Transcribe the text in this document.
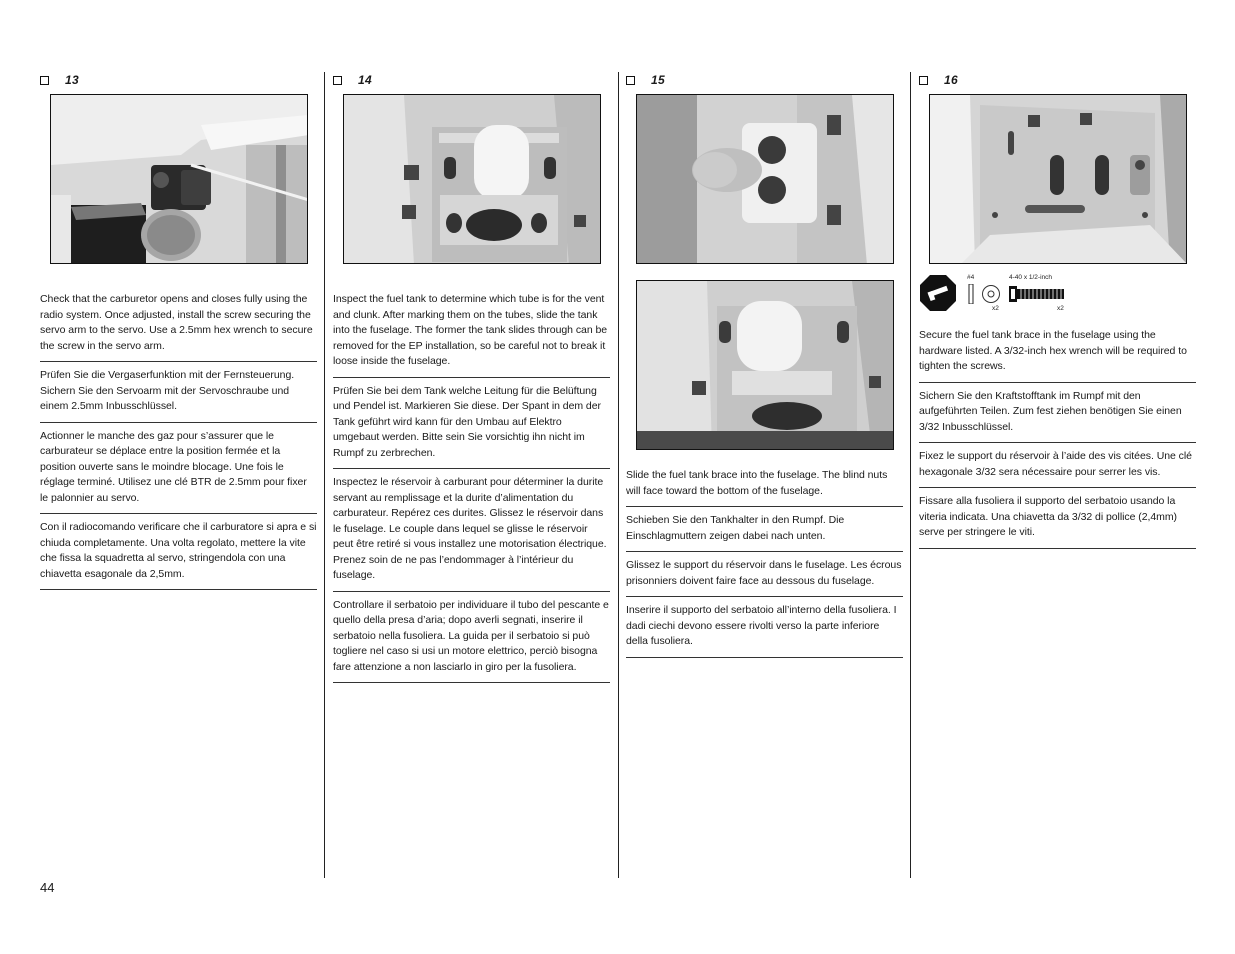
13

Check that the carburetor opens and closes fully using the radio system. Once adjusted, install the screw securing the servo arm to the servo. Use a 2.5mm hex wrench to secure the screw in the servo arm.

Prüfen Sie die Vergaserfunktion mit der Fernsteuerung. Sichern Sie den Servoarm mit der Servoschraube und einem 2.5mm Inbusschlüssel.

Actionner le manche des gaz pour s’assurer que le carburateur se déplace entre la position fermée et la position ouverte sans le moindre blocage. Une fois le réglage terminé. Utilisez une clé BTR de 2.5mm pour fixer le palonnier au servo.

Con il radiocomando verificare che il carburatore si apra e si chiuda completamente. Una volta regolato, mettere la vite che fissa la squadretta al servo, stringendola con una chiavetta esagonale da 2,5mm.

14

Inspect the fuel tank to determine which tube is for the vent and clunk. After marking them on the tubes, slide the tank into the fuselage. The former the tank slides through can be removed for the EP installation, so be careful not to break it loose inside the fuselage.

Prüfen Sie bei dem Tank welche Leitung für die Belüftung und Pendel ist. Markieren Sie diese. Der Spant in dem der Tank geführt wird kann für den Umbau auf Elektro umgebaut werden. Bitte sein Sie vorsichtig ihn nicht im Rumpf zu zerbrechen.

Inspectez le réservoir à carburant pour déterminer la durite servant au remplissage et la durite d’alimentation du carburateur. Repérez ces durites. Glissez le réservoir dans le fuselage. Le couple dans lequel se glisse le réservoir peut être retiré si vous installez une motorisation électrique. Prenez soin de ne pas l’endommager à l’intérieur du fuselage.

Controllare il serbatoio per individuare il tubo del pescante e quello della presa d’aria; dopo averli segnati, inserire il serbatoio nella fusoliera. La guida per il serbatoio si può togliere nel caso si usi un motore elettrico, perciò bisogna fare attenzione a non lasciarlo in giro per la fusoliera.

15

Slide the fuel tank brace into the fuselage. The blind nuts will face toward the bottom of the fuselage.

Schieben Sie den Tankhalter in den Rumpf. Die Einschlagmuttern zeigen dabei nach unten.

Glissez le support du réservoir dans le fuselage. Les écrous prisonniers doivent faire face au dessous du fuselage.

Inserire il supporto del serbatoio all’interno della fusoliera. I dadi ciechi devono essere rivolti verso la parte inferiore della fusoliera.

16
#4
x2
4-40 x 1/2-inch
x2

Secure the fuel tank brace in the fuselage using the hardware listed. A 3/32-inch hex wrench will be required to tighten the screws.

Sichern Sie den Kraftstofftank im Rumpf mit den aufgeführten Teilen. Zum fest ziehen benötigen Sie einen 3/32 Inbusschlüssel.

Fixez le support du réservoir à l’aide des vis citées. Une clé hexagonale 3/32 sera nécessaire pour serrer les vis.

Fissare alla fusoliera il supporto del serbatoio usando la viteria indicata. Una chiavetta da 3/32 di pollice (2,4mm) serve per stringere le viti.

44
